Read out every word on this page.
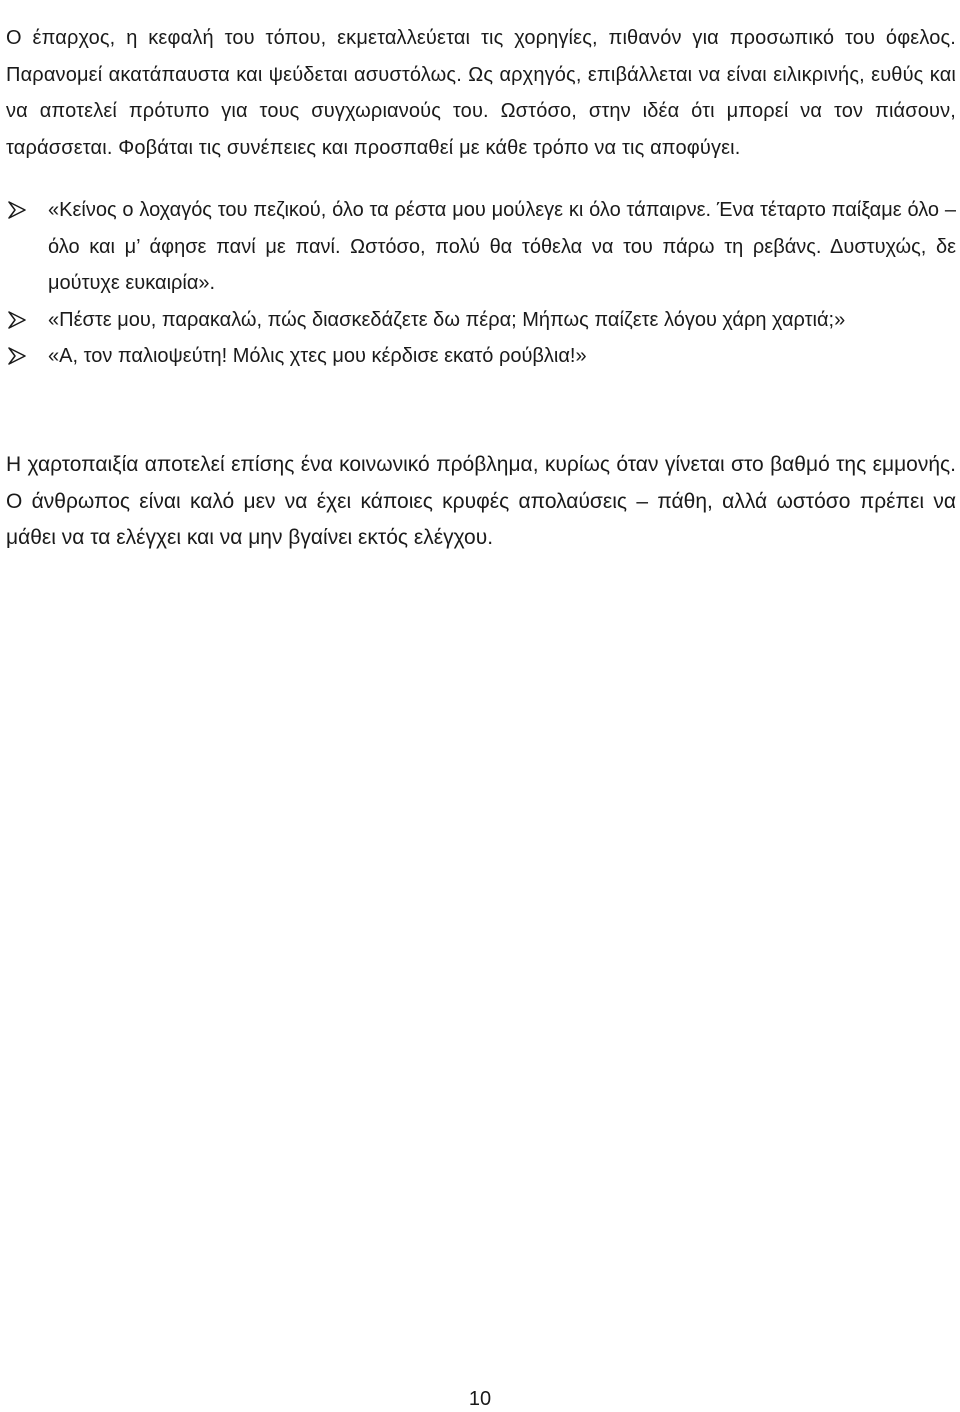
Ο έπαρχος, η κεφαλή του τόπου, εκμεταλλεύεται τις χορηγίες, πιθανόν για προσωπικό του όφελος. Παρανομεί ακατάπαυστα και ψεύδεται ασυστόλως. Ως αρχηγός, επιβάλλεται να είναι ειλικρινής, ευθύς και να αποτελεί πρότυπο για τους συγχωριανούς του. Ωστόσο, στην ιδέα ότι μπορεί να τον πιάσουν, ταράσσεται. Φοβάται τις συνέπειες και προσπαθεί με κάθε τρόπο να τις αποφύγει.

«Κείνος ο λοχαγός του πεζικού, όλο τα ρέστα μου μούλεγε κι όλο τάπαιρνε. Ένα τέταρτο παίξαμε όλο – όλο και μ’ άφησε πανί με πανί. Ωστόσο, πολύ θα τόθελα να του πάρω τη ρεβάνς. Δυστυχώς, δε μούτυχε ευκαιρία».
«Πέστε μου, παρακαλώ, πώς διασκεδάζετε δω πέρα; Μήπως παίζετε λόγου χάρη χαρτιά;»
«Α, τον παλιοψεύτη! Μόλις χτες μου κέρδισε εκατό ρούβλια!»

Η χαρτοπαιξία αποτελεί επίσης ένα κοινωνικό πρόβλημα, κυρίως όταν γίνεται στο βαθμό της εμμονής. Ο άνθρωπος είναι καλό μεν να έχει κάποιες κρυφές απολαύσεις – πάθη, αλλά ωστόσο πρέπει να μάθει να τα ελέγχει και να μην βγαίνει εκτός ελέγχου.

10
